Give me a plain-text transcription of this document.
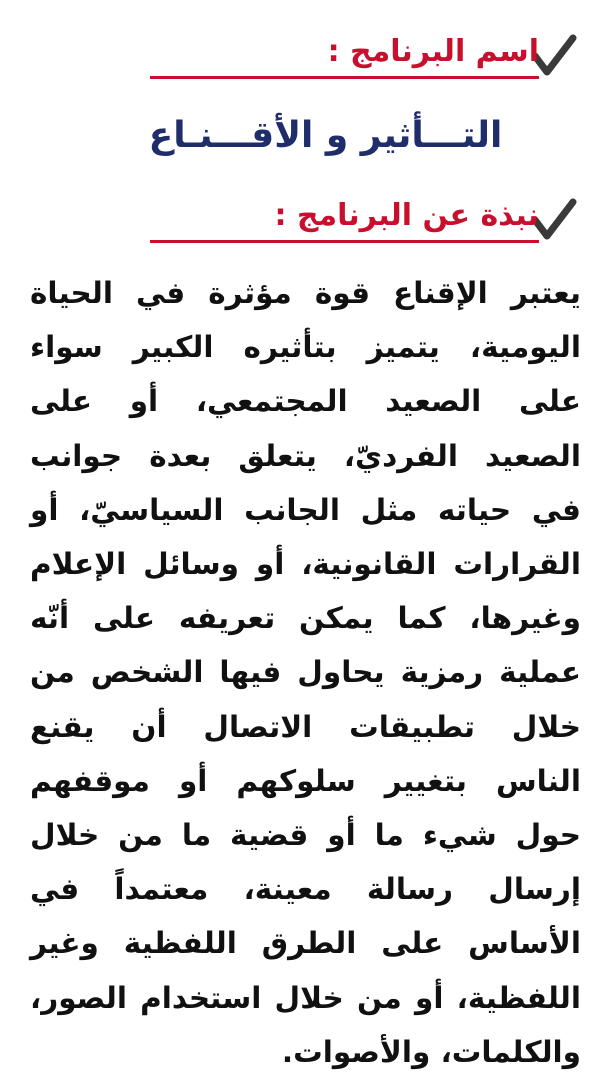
اسم البرنامج :
التـــأثير و الأقـــنـاع
نبذة عن البرنامج :
يعتبر الإقناع قوة مؤثرة في الحياة
اليومية، يتميز بتأثيره الكبير سواء
على الصعيد المجتمعي، أو على
الصعيد الفرديّ، يتعلق بعدة جوانب
في حياته مثل الجانب السياسيّ، أو
القرارات القانونية، أو وسائل الإعلام
وغيرها، كما يمكن تعريفه على أنّه
عملية رمزية يحاول فيها الشخص من
خلال تطبيقات الاتصال أن يقنع
الناس بتغيير سلوكهم أو موقفهم
حول شيء ما أو قضية ما من خلال
إرسال رسالة معينة، معتمداً في
الأساس على الطرق اللفظية وغير
اللفظية، أو من خلال استخدام الصور،
والكلمات، والأصوات.
